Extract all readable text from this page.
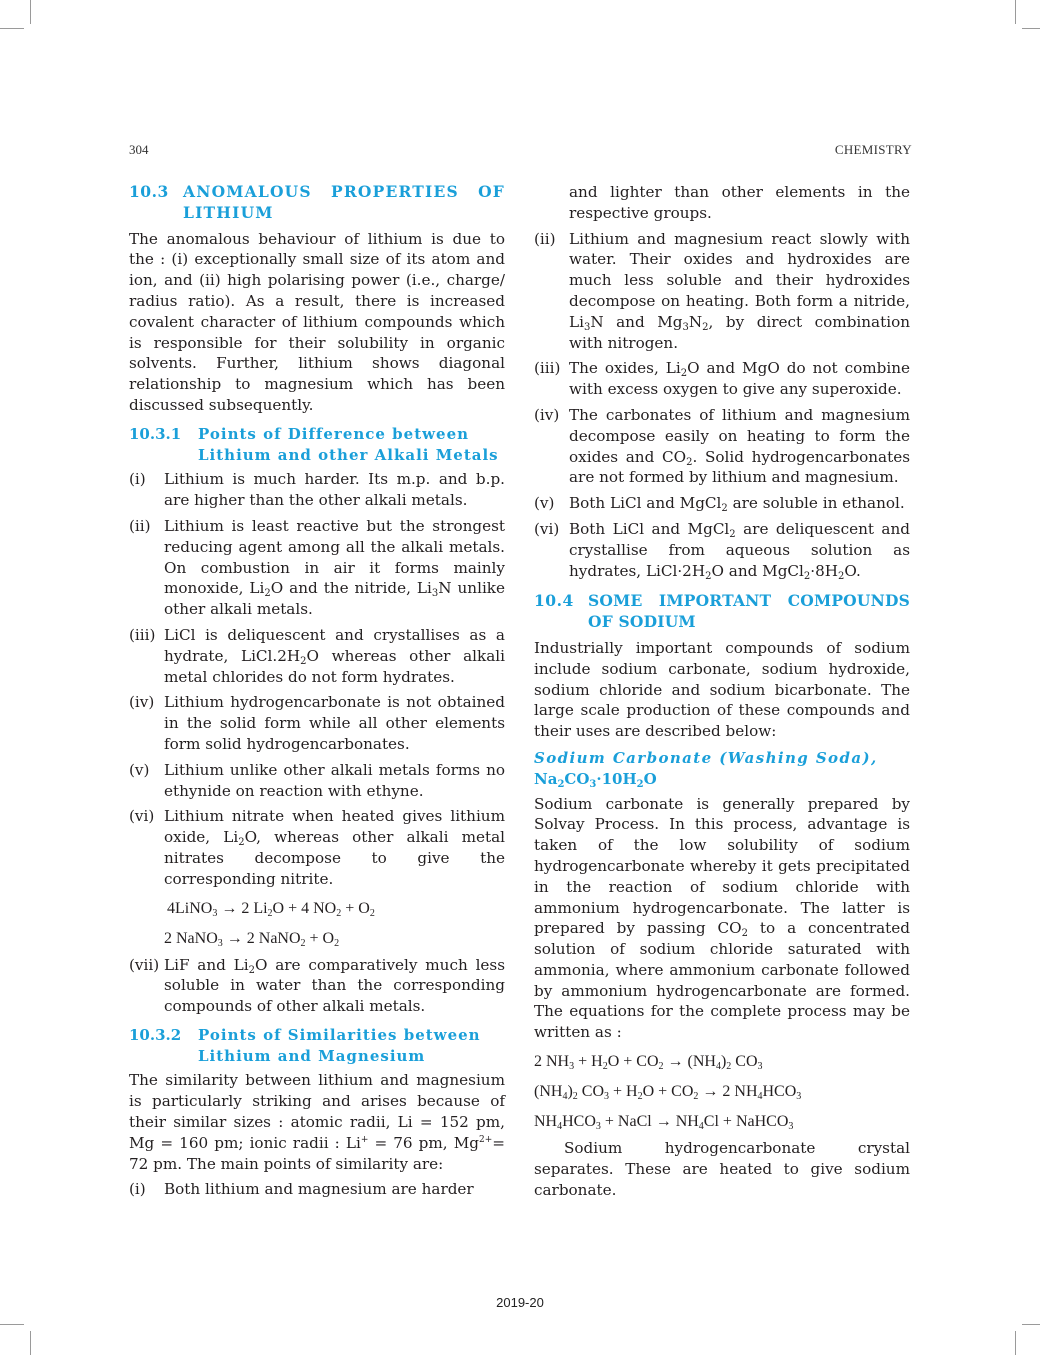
304	CHEMISTRY
10.3 ANOMALOUS PROPERTIES OF LITHIUM

The anomalous behaviour of lithium is due to the : (i) exceptionally small size of its atom and ion, and (ii) high polarising power (i.e., charge/ radius ratio). As a result, there is increased covalent character of lithium compounds which is responsible for their solubility in organic solvents. Further, lithium shows diagonal relationship to magnesium which has been discussed subsequently.

10.3.1	Points of Difference between Lithium and other Alkali Metals
(i)	Lithium is much harder. Its m.p. and b.p. are higher than the other alkali metals.
(ii) Lithium is least reactive but the strongest reducing agent among all the alkali metals. On combustion in air it forms mainly monoxide, $Li_2O$ and the nitride, $Li_3N$ unlike other alkali metals.
(iii) LiCl is deliquescent and crystallises as a hydrate, $LiCl.2H_2O$ whereas other alkali metal chlorides do not form hydrates.
(iv) Lithium hydrogencarbonate is not obtained in the solid form while all other elements form solid hydrogencarbonates.
(v) Lithium unlike other alkali metals forms no ethynide on reaction with ethyne.
(vi) Lithium nitrate when heated gives lithium oxide, $Li_2O$, whereas other alkali metal nitrates decompose to give the corresponding nitrite.
4LiNO$_3$ → 2 $Li_2O + 4$ $NO_2 + O_2$
2 NaNO$_3$ → 2 NaNO$_2$ + $O_2$
(vii) LiF and $Li_2O$ are comparatively much less soluble in water than the corresponding compounds of other alkali metals.
10.3.2	Points of Similarities between Lithium and Magnesium

The similarity between lithium and magnesium is particularly striking and arises because of their similar sizes : atomic radii, Li = 152 pm, Mg = 160 pm; ionic radii : Li+ = 76 pm, $Mg^{2+}= 72$ pm. The main points of similarity are:

(i)	Both lithium and magnesium are harder
and lighter than other elements in the respective groups.
(ii) Lithium and magnesium react slowly with water. Their oxides and hydroxides are much less soluble and their hydroxides decompose on heating. Both form a nitride, $Li_3N$ and $Mg_3N_2$, by direct combination with nitrogen.
(iii) The oxides, $Li_2O$ and MgO do not combine with excess oxygen to give any superoxide.
(iv) The carbonates of lithium and magnesium decompose easily on heating to form the oxides and $CO_2$. Solid hydrogencarbonates are not formed by lithium and magnesium.
(v) Both LiCl and MgCl$_2$ are soluble in ethanol.
(vi) Both LiCl and MgCl$_2$ are deliquescent and crystallise from aqueous solution as hydrates, $LiCl\cdot 2H_2O$ and $MgCl_2\cdot 8H_2O$.
10.4 SOME IMPORTANT COMPOUNDS OF SODIUM

Industrially important compounds of sodium include sodium carbonate, sodium hydroxide, sodium chloride and sodium bicarbonate. The large scale production of these compounds and their uses are described below:

Sodium Carbonate (Washing Soda),
$Na_2CO_3\cdot 10H_2O$

Sodium carbonate is generally prepared by Solvay Process. In this process, advantage is taken of the low solubility of sodium hydrogencarbonate whereby it gets precipitated in the reaction of sodium chloride with ammonium hydrogencarbonate. The latter is prepared by passing $CO_2$ to a concentrated solution of sodium chloride saturated with ammonia, where ammonium carbonate followed by ammonium hydrogencarbonate are formed. The equations for the complete process may be written as :

2 $NH_3 + H_2O + CO_2 \to (NH_4)_2$ $CO_3$
$(NH_4)_2$ $CO_3 + H_2O + CO_2 \to 2$ $NH_4HCO_3$
$NH_4HCO_3$ + NaCl → $NH_4Cl$ + NaHCO$_3$

Sodium hydrogencarbonate crystal separates. These are heated to give sodium carbonate.

2019-20
